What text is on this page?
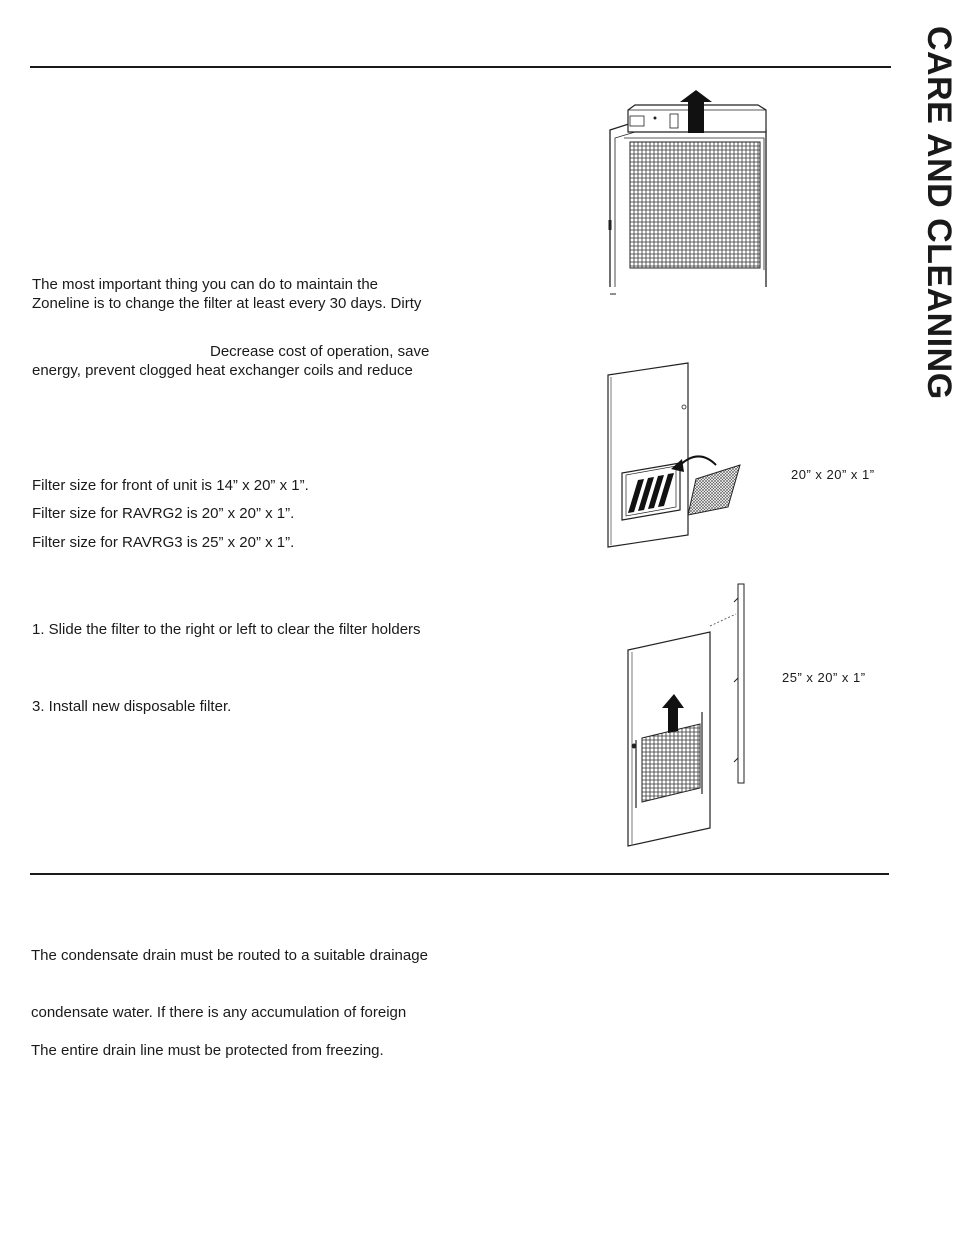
CARE AND CLEANING
The most important thing you can do to maintain the
Zoneline is to change the filter at least every 30 days. Dirty
Decrease cost of operation, save
energy, prevent clogged heat exchanger coils and reduce
Filter size for front of unit is 14” x 20” x 1”.
Filter size for RAVRG2 is 20” x 20” x 1”.
Filter size for RAVRG3 is 25” x 20” x 1”.
1. Slide the filter to the right or left to clear the filter holders
3. Install new disposable filter.
The condensate drain must be routed to a suitable drainage
condensate water. If there is any accumulation of foreign
The entire drain line must be protected from freezing.
20” x 20” x 1”
25” x 20” x 1”
